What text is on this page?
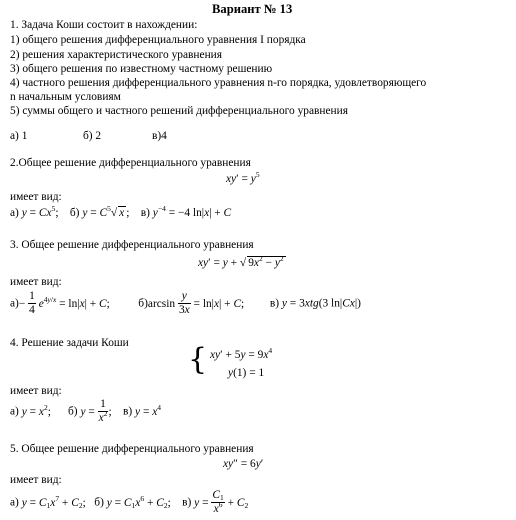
Вариант № 13
1. Задача Коши состоит в нахождении:
1) общего решения дифференциального уравнения I порядка
2) решения характеристического уравнения
3) общего решения по известному частному решению
4) частного решения дифференциального уравнения n-го порядка, удовлетворяющего
n начальным условиям
5) суммы общего и частного решений дифференциального уравнения
а) 1	б) 2	в)4
2.Общее решение дифференциального уравнения
$xy' = y^5$
имеет вид:
а) $y = Cx^5$; б) $y = C^5√$ x ; в) $y^{-4} = -4$ ln|x| + C
3. Общее решение дифференциального уравнения
xy′ = y + √ $9x^2 - y^2$
имеет вид:
$а)- \frac{1}{4} e^{4y/x} = \ln|x| + C$; $б)\arcsin \frac{y}{3x} = \ln|x| + C$; в) y = 3xtg(3 ln|Cx|)
4. Решение задачи Коши { $xy' + 5y = 9x^4$
y(1) = 1
имеет вид:
а) $y = x^2$; б) $y = \frac{1}{x^2}$ ; в) $y = x^4$
5. Общее решение дифференциального уравнения
xy″ = 6y′
имеет вид:
а) $y = C_1x^7 + C_2$; б) $y = C_1x^6 + C_2$; в) $y = \frac{C_1}{x^6} + C_2$
